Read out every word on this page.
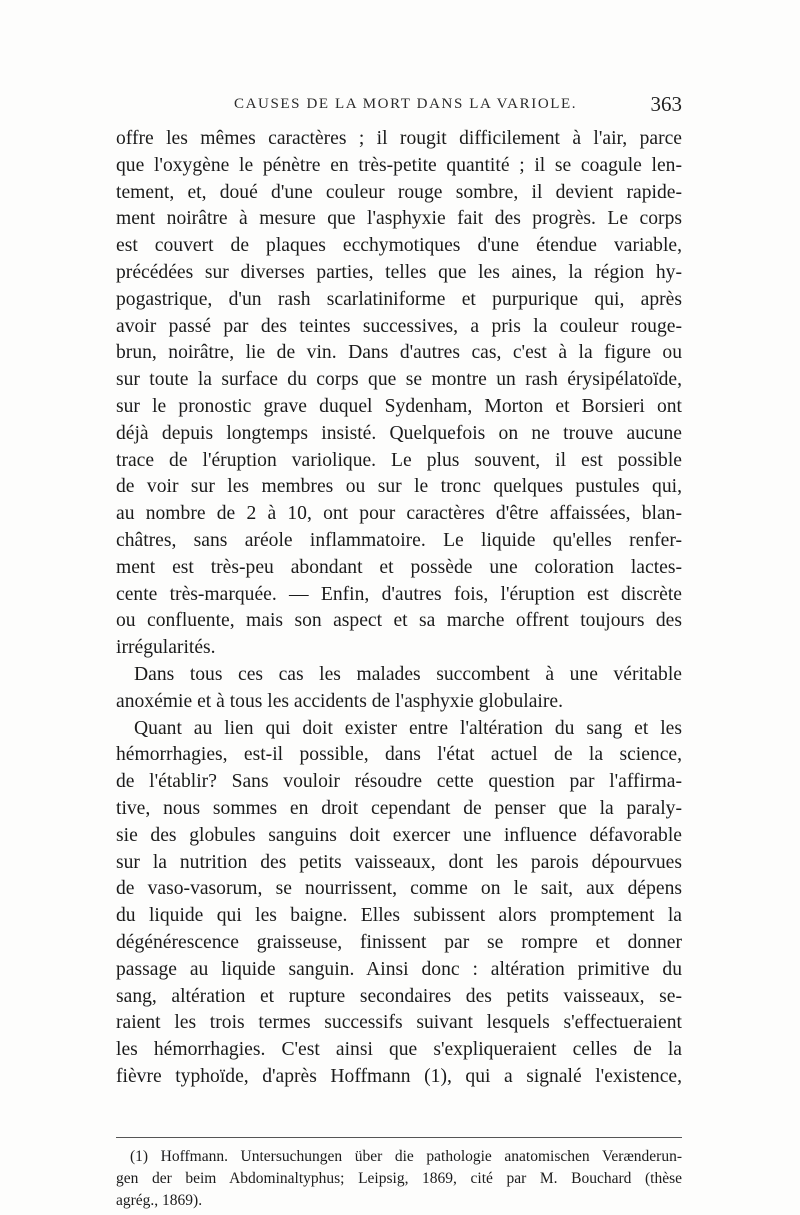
CAUSES DE LA MORT DANS LA VARIOLE.	363
offre les mêmes caractères ; il rougit difficilement à l'air, parce
que l'oxygène le pénètre en très-petite quantité ; il se coagule len-
tement, et, doué d'une couleur rouge sombre, il devient rapide-
ment noirâtre à mesure que l'asphyxie fait des progrès. Le corps
est couvert de plaques ecchymotiques d'une étendue variable,
précédées sur diverses parties, telles que les aines, la région hy-
pogastrique, d'un rash scarlatiniforme et purpurique qui, après
avoir passé par des teintes successives, a pris la couleur rouge-
brun, noirâtre, lie de vin. Dans d'autres cas, c'est à la figure ou
sur toute la surface du corps que se montre un rash érysipélatoïde,
sur le pronostic grave duquel Sydenham, Morton et Borsieri ont
déjà depuis longtemps insisté. Quelquefois on ne trouve aucune
trace de l'éruption variolique. Le plus souvent, il est possible
de voir sur les membres ou sur le tronc quelques pustules qui,
au nombre de 2 à 10, ont pour caractères d'être affaissées, blan-
châtres, sans aréole inflammatoire. Le liquide qu'elles renfer-
ment est très-peu abondant et possède une coloration lactes-
cente très-marquée. — Enfin, d'autres fois, l'éruption est discrète
ou confluente, mais son aspect et sa marche offrent toujours des
irrégularités.
Dans tous ces cas les malades succombent à une véritable
anoxémie et à tous les accidents de l'asphyxie globulaire.
Quant au lien qui doit exister entre l'altération du sang et les
hémorrhagies, est-il possible, dans l'état actuel de la science,
de l'établir? Sans vouloir résoudre cette question par l'affirma-
tive, nous sommes en droit cependant de penser que la paraly-
sie des globules sanguins doit exercer une influence défavorable
sur la nutrition des petits vaisseaux, dont les parois dépourvues
de vaso-vasorum, se nourrissent, comme on le sait, aux dépens
du liquide qui les baigne. Elles subissent alors promptement la
dégénérescence graisseuse, finissent par se rompre et donner
passage au liquide sanguin. Ainsi donc : altération primitive du
sang, altération et rupture secondaires des petits vaisseaux, se-
raient les trois termes successifs suivant lesquels s'effectueraient
les hémorrhagies. C'est ainsi que s'expliqueraient celles de la
fièvre typhoïde, d'après Hoffmann (1), qui a signalé l'existence,
(1) Hoffmann. Untersuchungen über die pathologie anatomischen Verænderun-
gen der beim Abdominaltyphus; Leipsig, 1869, cité par M. Bouchard (thèse
agrég., 1869).
